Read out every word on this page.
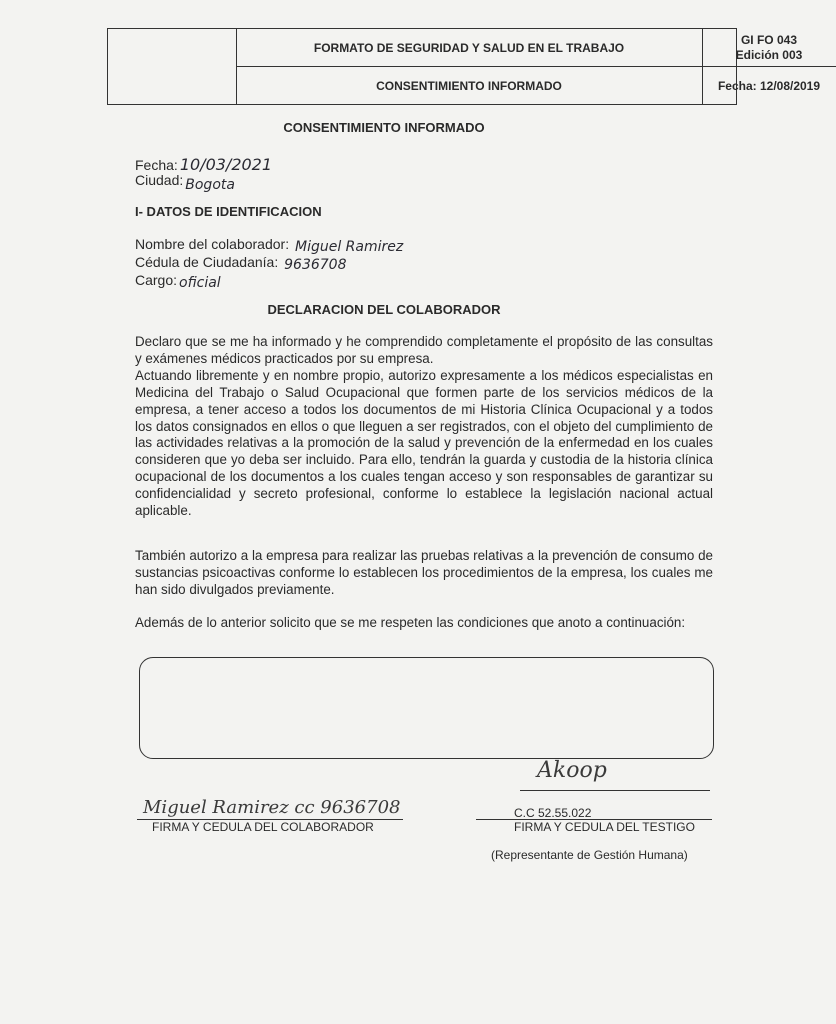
FORMATO DE SEGURIDAD Y SALUD EN EL TRABAJO
CONSENTIMIENTO INFORMADO
GI FO 043
Edición 003
Fecha: 12/08/2019
CONSENTIMIENTO INFORMADO
Fecha: 10/03/2021
Ciudad: Bogota
I- DATOS DE IDENTIFICACION
Nombre del colaborador: Miguel Ramirez
Cédula de Ciudadanía: 9636708
Cargo: oficial
DECLARACION DEL COLABORADOR

Declaro que se me ha informado y he comprendido completamente el propósito de las consultas y exámenes médicos practicados por su empresa.

Actuando libremente y en nombre propio, autorizo expresamente a los médicos especialistas en Medicina del Trabajo o Salud Ocupacional que formen parte de los servicios médicos de la empresa, a tener acceso a todos los documentos de mi Historia Clínica Ocupacional y a todos los datos consignados en ellos o que lleguen a ser registrados, con el objeto del cumplimiento de las actividades relativas a la promoción de la salud y prevención de la enfermedad en los cuales consideren que yo deba ser incluido. Para ello, tendrán la guarda y custodia de la historia clínica ocupacional de los documentos a los cuales tengan acceso y son responsables de garantizar su confidencialidad y secreto profesional, conforme lo establece la legislación nacional actual aplicable.

También autorizo a la empresa para realizar las pruebas relativas a la prevención de consumo de sustancias psicoactivas conforme lo establecen los procedimientos de la empresa, los cuales me han sido divulgados previamente.
Además de lo anterior solicito que se me respeten las condiciones que anoto a continuación:
Akoop
C.C 52.55.022
FIRMA Y CEDULA DEL TESTIGO
(Representante de Gestión Humana)
Miguel Ramirez cc 9636708
FIRMA Y CEDULA DEL COLABORADOR
